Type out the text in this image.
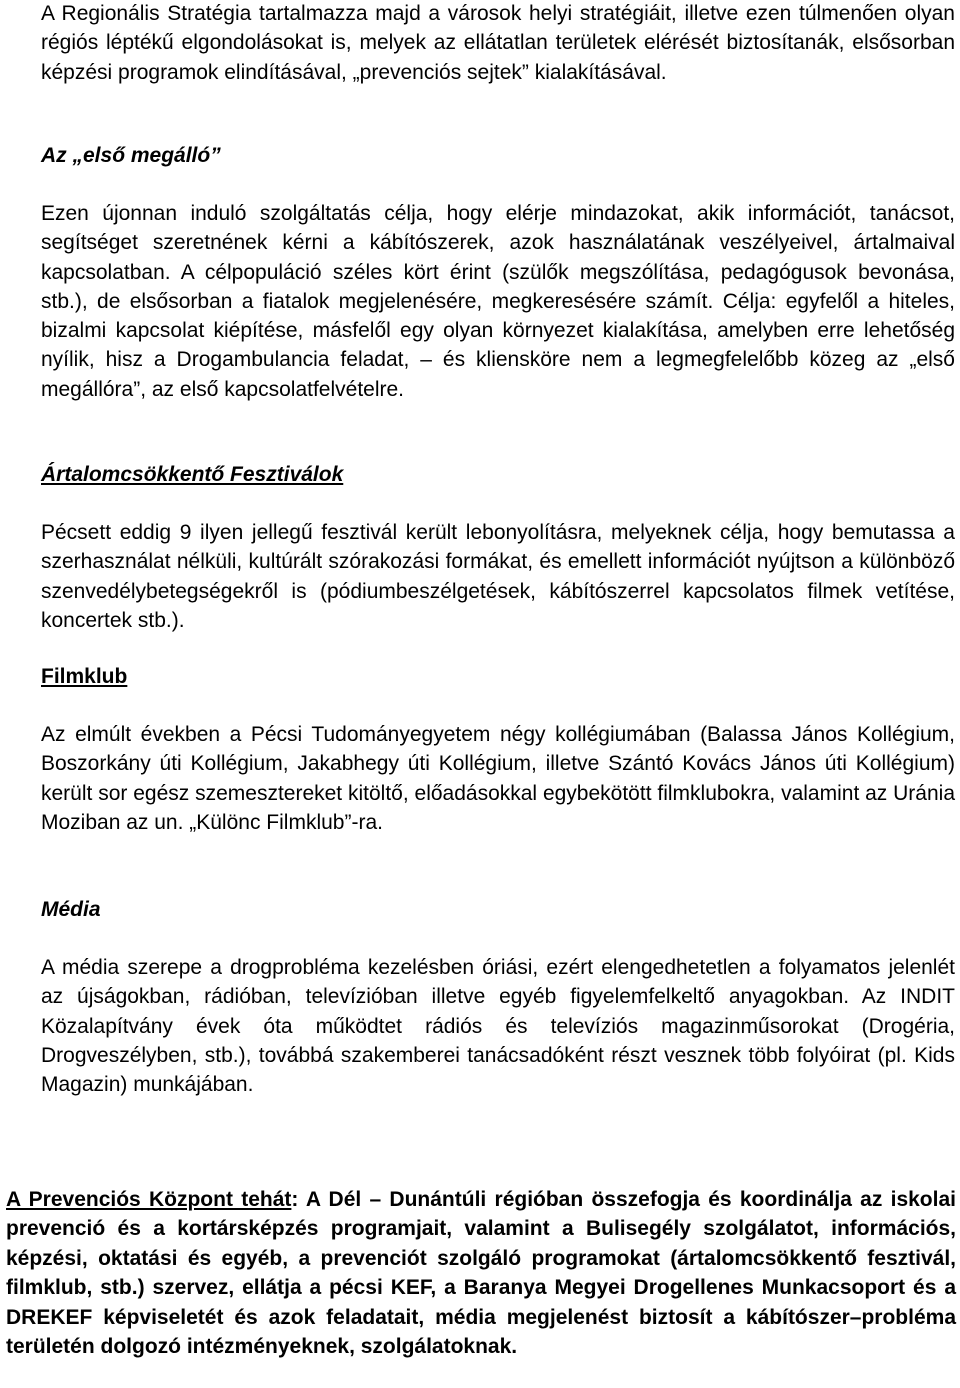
A Regionális Stratégia tartalmazza majd a városok helyi stratégiáit, illetve ezen túlmenően olyan régiós léptékű elgondolásokat is, melyek az ellátatlan területek elérését biztosítanák, elsősorban képzési programok elindításával, „prevenciós sejtek” kialakításával.

Az „első megálló”

Ezen újonnan induló szolgáltatás célja, hogy elérje mindazokat, akik információt, tanácsot, segítséget szeretnének kérni a kábítószerek, azok használatának veszélyeivel, ártalmaival kapcsolatban. A célpopuláció széles kört érint (szülők megszólítása, pedagógusok bevonása, stb.), de elsősorban a fiatalok megjelenésére, megkeresésére számít. Célja: egyfelől a hiteles, bizalmi kapcsolat kiépítése, másfelől egy olyan környezet kialakítása, amelyben erre lehetőség nyílik, hisz a Drogambulancia feladat, – és klienskörе nem a legmegfelelőbb közeg az „első megállóra”, az első kapcsolatfelvételre.

Ártalomcsökkentő Fesztiválok

Pécsett eddig 9 ilyen jellegű fesztivál került lebonyolításra, melyeknek célja, hogy bemutassa a szerhasználat nélküli, kultúrált szórakozási formákat, és emellett információt nyújtson a különböző szenvedélybetegségekről is (pódiumbeszélgetések, kábítószerrel kapcsolatos filmek vetítése, koncertek stb.).

Filmklub

Az elmúlt években a Pécsi Tudományegyetem négy kollégiumában (Balassa János Kollégium, Boszorkány úti Kollégium, Jakabhegy úti Kollégium, illetve Szántó Kovács János úti Kollégium) került sor egész szemesztereket kitöltő, előadásokkal egybekötött filmklubokra, valamint az Uránia Moziban az un. „Különc Filmklub”-ra.

Média

A média szerepe a drogprobléma kezelésben óriási, ezért elengedhetetlen a folyamatos jelenlét az újságokban, rádióban, televízióban illetve egyéb figyelemfelkeltő anyagokban. Az INDIT Közalapítvány évek óta működtet rádiós és televíziós magazinműsorokat (Drogéria, Drogveszélyben, stb.), továbbá szakemberei tanácsadóként részt vesznek több folyóirat (pl. Kids Magazin) munkájában.

A Prevenciós Központ tehát: A Dél – Dunántúli régióban összefogja és koordinálja az iskolai prevenció és a kortársképzés programjait, valamint a Bulisegély szolgálatot, információs, képzési, oktatási és egyéb, a prevenciót szolgáló programokat (ártalomcsökkentő fesztivál, filmklub, stb.) szervez, ellátja a pécsi KEF, a Baranya Megyei Drogellenes Munkacsoport és a DREKEF képviseletét és azok feladatait, média megjelenést biztosít a kábítószer–probléma területén dolgozó intézményeknek, szolgálatoknak.
